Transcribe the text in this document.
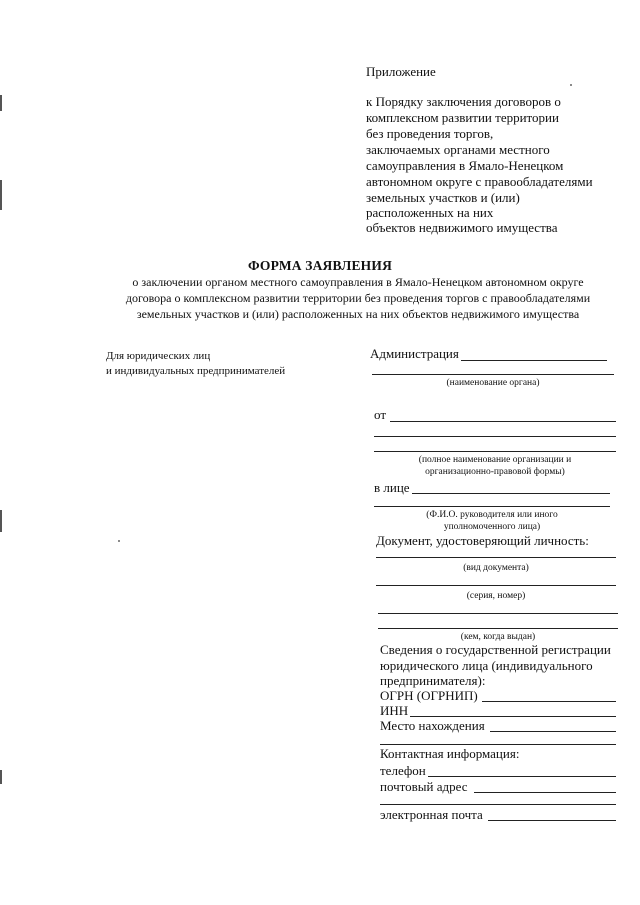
Приложение
к Порядку заключения договоров о
комплексном развитии территории
без проведения торгов,
заключаемых органами местного
самоуправления в Ямало-Ненецком
автономном округе с правообладателями
земельных участков и (или)
расположенных на них
объектов недвижимого имущества
ФОРМА ЗАЯВЛЕНИЯ
о заключении органом местного самоуправления в Ямало-Ненецком автономном округе
договора о комплексном развитии территории без проведения торгов с правообладателями
земельных участков и (или) расположенных на них объектов недвижимого имущества
Для юридических лиц
и индивидуальных предпринимателей
Администрация
(наименование органа)
от
(полное наименование организации и
организационно-правовой формы)
в лице
(Ф.И.О. руководителя или иного
уполномоченного лица)
Документ, удостоверяющий личность:
(вид документа)
(серия, номер)
(кем, когда выдан)
Сведения о государственной регистрации
юридического лица (индивидуального
предпринимателя):
ОГРН (ОГРНИП)
ИНН
Место нахождения
Контактная информация:
телефон
почтовый адрес
электронная почта
